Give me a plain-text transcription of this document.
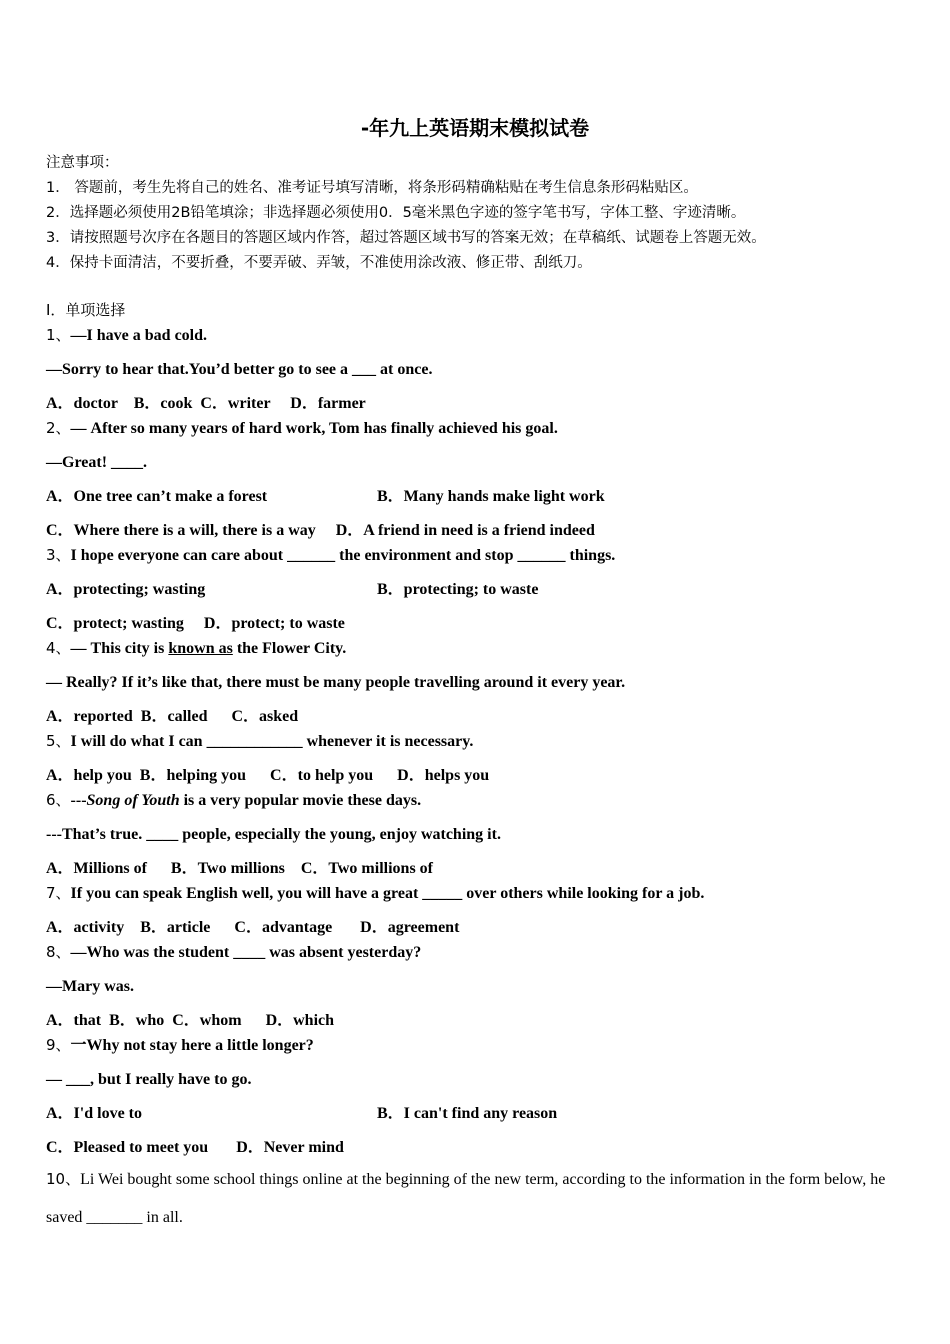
-年九上英语期末模拟试卷
注意事项：
1． 答题前，考生先将自己的姓名、准考证号填写清晰，将条形码精确粘贴在考生信息条形码粘贴区。
2．选择题必须使用2B铅笔填涂；非选择题必须使用0．5毫米黑色字迹的签字笔书写，字体工整、字迹清晰。
3．请按照题号次序在各题目的答题区域内作答，超过答题区域书写的答案无效；在草稿纸、试题卷上答题无效。
4．保持卡面清洁，不要折叠，不要弄破、弄皱，不准使用涂改液、修正带、刮纸刀。
Ⅰ．单项选择
1、—I have a bad cold.
—Sorry to hear that.You’d better go to see a ___ at once.
A．doctor    B．cook  C．writer     D．farmer
2、— After so many years of hard work, Tom has finally achieved his goal.
—Great! ____.
A．One tree can’t make a forest	B．Many hands make light work
C．Where there is a will, there is a way     D．A friend in need is a friend indeed
3、I hope everyone can care about ______ the environment and stop ______ things.
A．protecting; wasting	B．protecting; to waste
C．protect; wasting     D．protect; to waste
4、— This city is known as the Flower City.
— Really? If it’s like that, there must be many people travelling around it every year.
A．reported  B．called      C．asked
5、I will do what I can ____________ whenever it is necessary.
A．help you  B．helping you      C．to help you      D．helps you
6、---Song of Youth is a very popular movie these days.
---That’s true. ____ people, especially the young, enjoy watching it.
A．Millions of      B．Two millions    C．Two millions of
7、If you can speak English well, you will have a great _____ over others while looking for a job.
A．activity    B．article      C．advantage       D．agreement
8、—Who was the student ____ was absent yesterday?
—Mary was.
A．that  B．who  C．whom      D．which
9、一Why not stay here a little longer?
— ___, but I really have to go.
A．I'd love to	B．I can't find any reason
C．Pleased to meet you       D．Never mind
10、Li Wei bought some school things online at the beginning of the new term, according to the information in the form below, he saved _______ in all.
